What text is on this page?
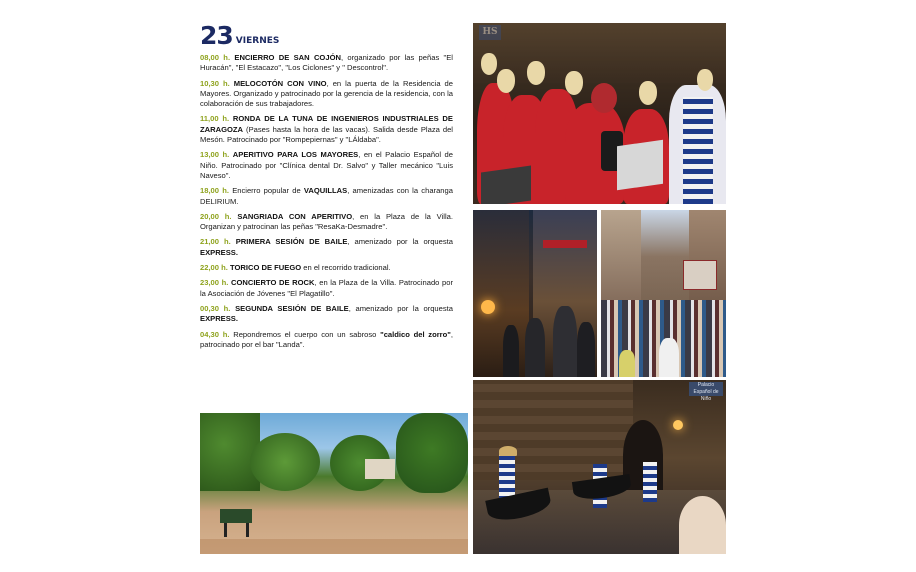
23 VIERNES

08,00 h. ENCIERRO DE SAN COJÓN, organizado por las peñas "El Huracán", "El Estacazo", "Los Ciclones" y " Descontrol".

10,30 h. MELOCOTÓN CON VINO, en la puerta de la Residencia de Mayores. Organizado y patrocinado por la gerencia de la residencia, con la colaboración de sus trabajadores.

11,00 h. RONDA DE LA TUNA DE INGENIEROS INDUSTRIALES DE ZARAGOZA (Pases hasta la hora de las vacas). Salida desde Plaza del Mesón. Patrocinado por "Rompepiernas" y "LÁldaba".

13,00 h. APERITIVO PARA LOS MAYORES, en el Palacio Español de Niño. Patrocinado por "Clínica dental Dr. Salvo" y Taller mecánico "Luis Naveso".

18,00 h. Encierro popular de VAQUILLAS, amenizadas con la charanga DELIRIUM.

20,00 h. SANGRIADA CON APERITIVO, en la Plaza de la Villa. Organizan y patrocinan las peñas "ResaKa-Desmadre".

21,00 h. PRIMERA SESIÓN DE BAILE, amenizado por la orquesta EXPRESS.

22,00 h. TORICO DE FUEGO en el recorrido tradicional.

23,00 h. CONCIERTO DE ROCK, en la Plaza de la Villa. Patrocinado por la Asociación de Jóvenes "El Plagatillo".

00,30 h. SEGUNDA SESIÓN DE BAILE, amenizado por la orquesta EXPRESS.

04,30 h. Repondremos el cuerpo con un sabroso "caldico del zorro", patrocinado por el bar "Landa".

Palacio Español de Niño
